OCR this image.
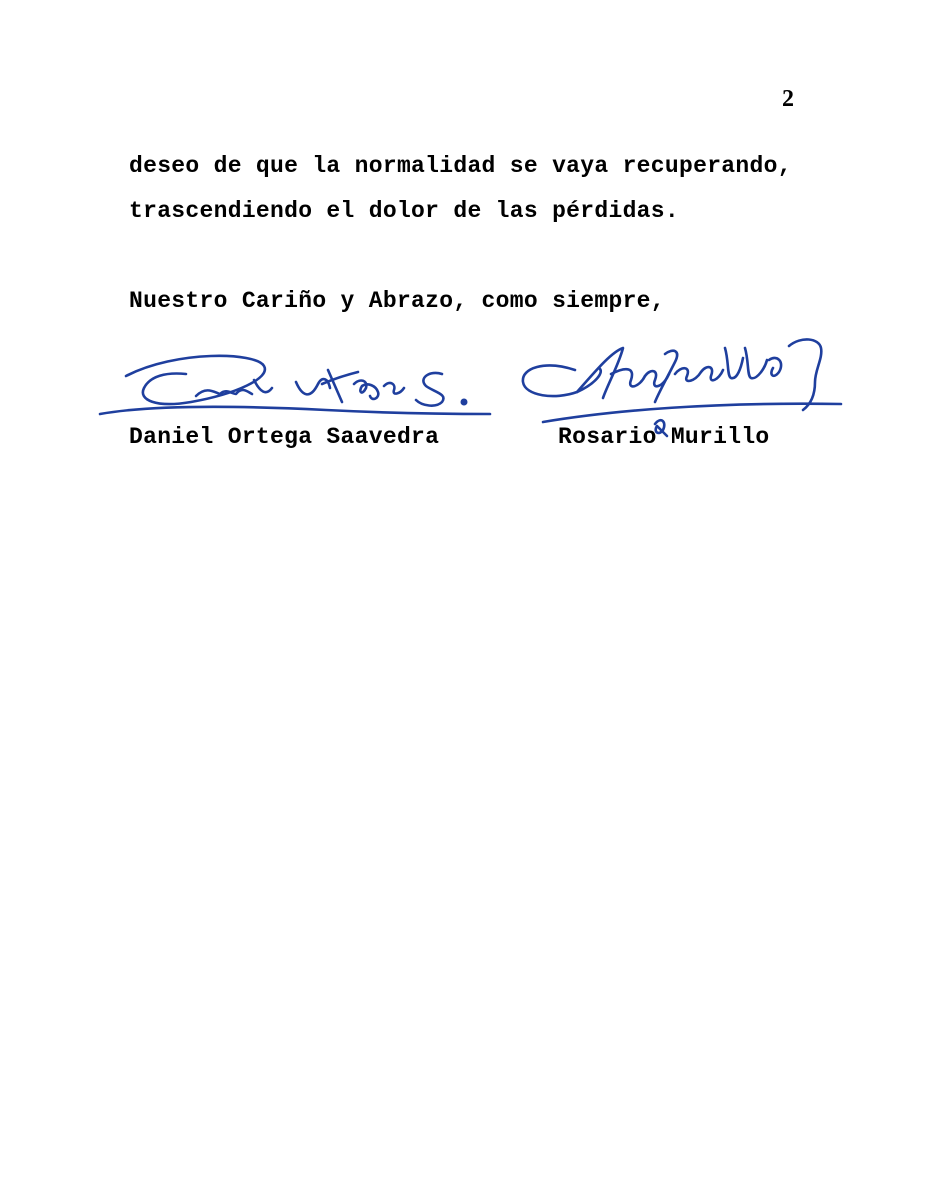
2
deseo de que la normalidad se vaya recuperando,
trascendiendo el dolor de las pérdidas.
Nuestro Cariño y Abrazo, como siempre,
Daniel Ortega Saavedra	Rosario Murillo
